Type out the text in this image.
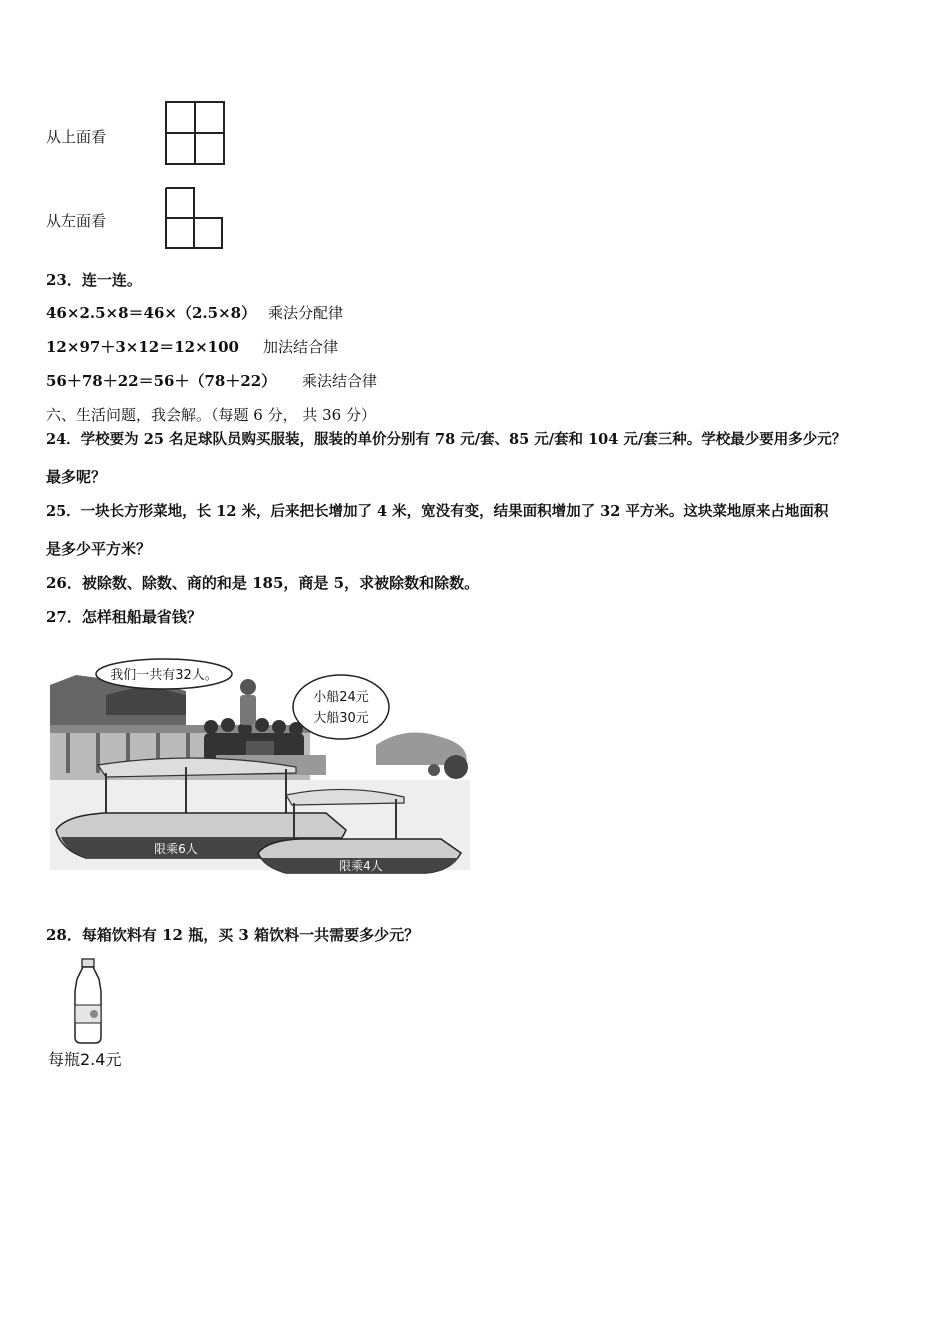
从上面看
从左面看
23．连一连。
46×2.5×8＝46×（2.5×8） 乘法分配律
12×97＋3×12＝12×100 加法结合律
56＋78＋22＝56＋（78＋22） 乘法结合律
六、生活问题，我会解。（每题 6 分， 共 36 分）
24．学校要为 25 名足球队员购买服装，服装的单价分别有 78 元/套、85 元/套和 104 元/套三种。学校最少要用多少元？
最多呢？
25．一块长方形菜地，长 12 米，后来把长增加了 4 米，宽没有变，结果面积增加了 32 平方米。这块菜地原来占地面积
是多少平方米？
26．被除数、除数、商的和是 185，商是 5，求被除数和除数。
27．怎样租船最省钱？
我们一共有32人。
小船24元
大船30元
限乘6人
限乘4人
28．每箱饮料有 12 瓶，买 3 箱饮料一共需要多少元？
每瓶2.4元
